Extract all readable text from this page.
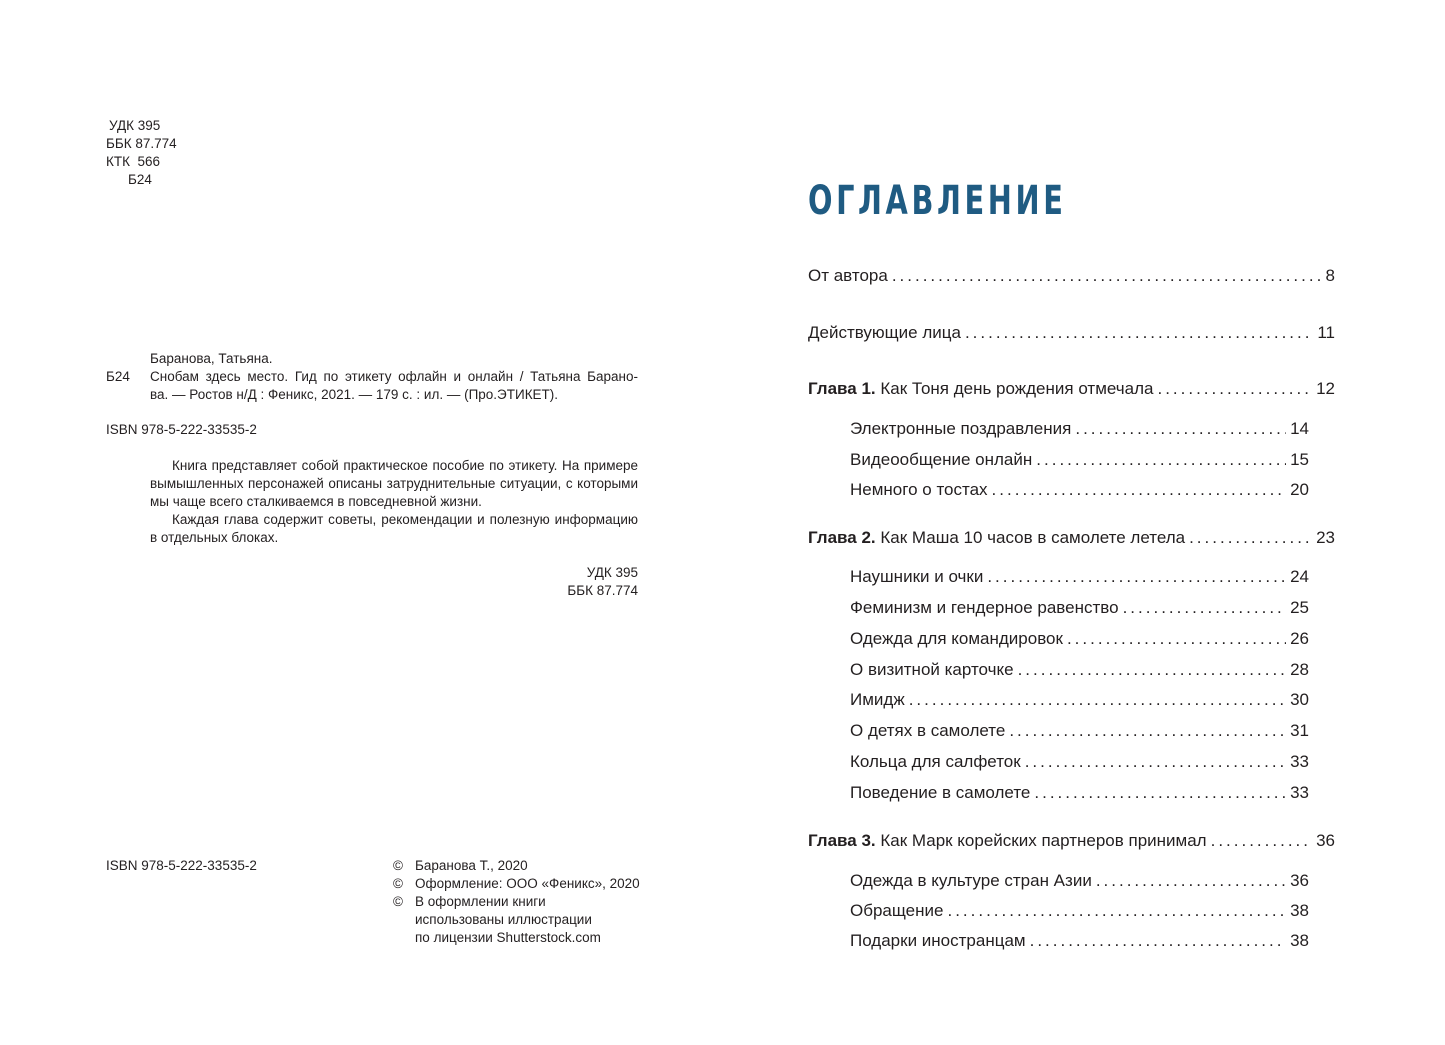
УДК 395
ББК 87.774
КТК  566
Б24
Баранова, Татьяна.
Б24	Снобам здесь место. Гид по этикету офлайн и онлайн / Татьяна Барано-
ва. — Ростов н/Д : Феникс, 2021. — 179 с. : ил. — (Про.ЭТИКЕТ).
ISBN 978-5-222-33535-2

Книга представляет собой практическое пособие по этикету. На примере вымышленных персонажей описаны затруднительные ситуации, с которыми мы чаще всего сталкиваемся в повседневной жизни.

Каждая глава содержит советы, рекомендации и полезную информацию в отдельных блоках.

УДК 395
ББК 87.774
ISBN 978-5-222-33535-2	© Баранова Т., 2020
© Оформление: ООО «Феникс», 2020
© В оформлении книги
использованы иллюстрации
по лицензии Shutterstock.com
ОГЛАВЛЕНИЕ
От автора .....	8
Действующие лица .....	11
Глава 1. Как Тоня день рождения отмечала .....	12
Электронные поздравления .....	14
Видеообщение онлайн .....	15
Немного о тостах .....	20
Глава 2. Как Маша 10 часов в самолете летела .....	23
Наушники и очки .....	24
Феминизм и гендерное равенство .....	25
Одежда для командировок .....	26
О визитной карточке .....	28
Имидж .....	30
О детях в самолете .....	31
Кольца для салфеток .....	33
Поведение в самолете .....	33
Глава 3. Как Марк корейских партнеров принимал .....	36
Одежда в культуре стран Азии .....	36
Обращение .....	38
Подарки иностранцам .....	38
